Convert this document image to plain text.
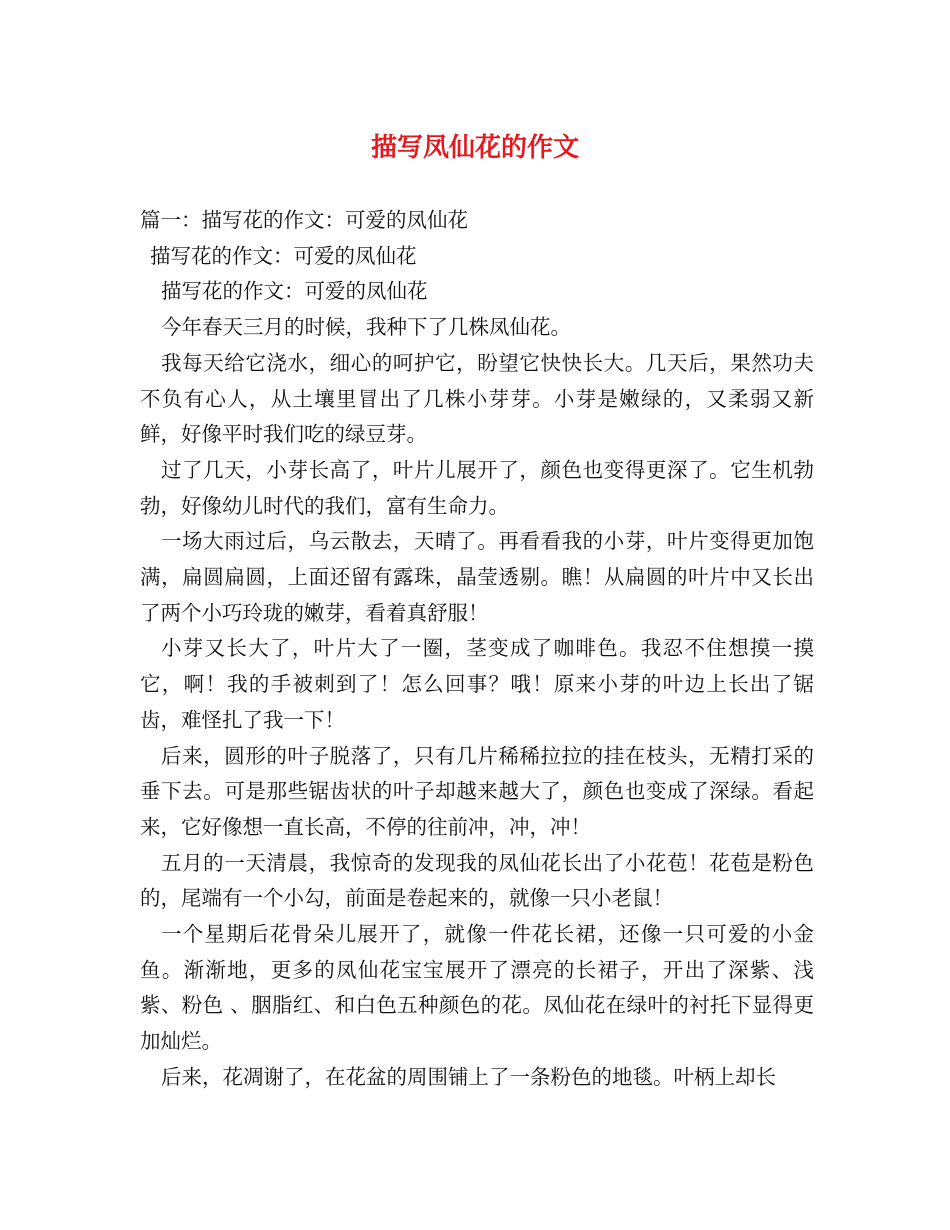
描写凤仙花的作文

篇一：描写花的作文：可爱的凤仙花

描写花的作文：可爱的凤仙花

描写花的作文：可爱的凤仙花

今年春天三月的时候，我种下了几株凤仙花。

我每天给它浇水，细心的呵护它，盼望它快快长大。几天后，果然功夫不负有心人，从土壤里冒出了几株小芽芽。小芽是嫩绿的，又柔弱又新鲜，好像平时我们吃的绿豆芽。

过了几天，小芽长高了，叶片儿展开了，颜色也变得更深了。它生机勃勃，好像幼儿时代的我们，富有生命力。

一场大雨过后，乌云散去，天晴了。再看看我的小芽，叶片变得更加饱满，扁圆扁圆，上面还留有露珠，晶莹透剔。瞧！从扁圆的叶片中又长出了两个小巧玲珑的嫩芽，看着真舒服！

小芽又长大了，叶片大了一圈，茎变成了咖啡色。我忍不住想摸一摸它，啊！我的手被刺到了！怎么回事？哦！原来小芽的叶边上长出了锯齿，难怪扎了我一下！

后来，圆形的叶子脱落了，只有几片稀稀拉拉的挂在枝头，无精打采的垂下去。可是那些锯齿状的叶子却越来越大了，颜色也变成了深绿。看起来，它好像想一直长高，不停的往前冲，冲，冲！

五月的一天清晨，我惊奇的发现我的凤仙花长出了小花苞！花苞是粉色的，尾端有一个小勾，前面是卷起来的，就像一只小老鼠！

一个星期后花骨朵儿展开了，就像一件花长裙，还像一只可爱的小金鱼。渐渐地，更多的凤仙花宝宝展开了漂亮的长裙子，开出了深紫、浅紫、粉色 、胭脂红、和白色五种颜色的花。凤仙花在绿叶的衬托下显得更加灿烂。

后来，花凋谢了，在花盆的周围铺上了一条粉色的地毯。叶柄上却长
